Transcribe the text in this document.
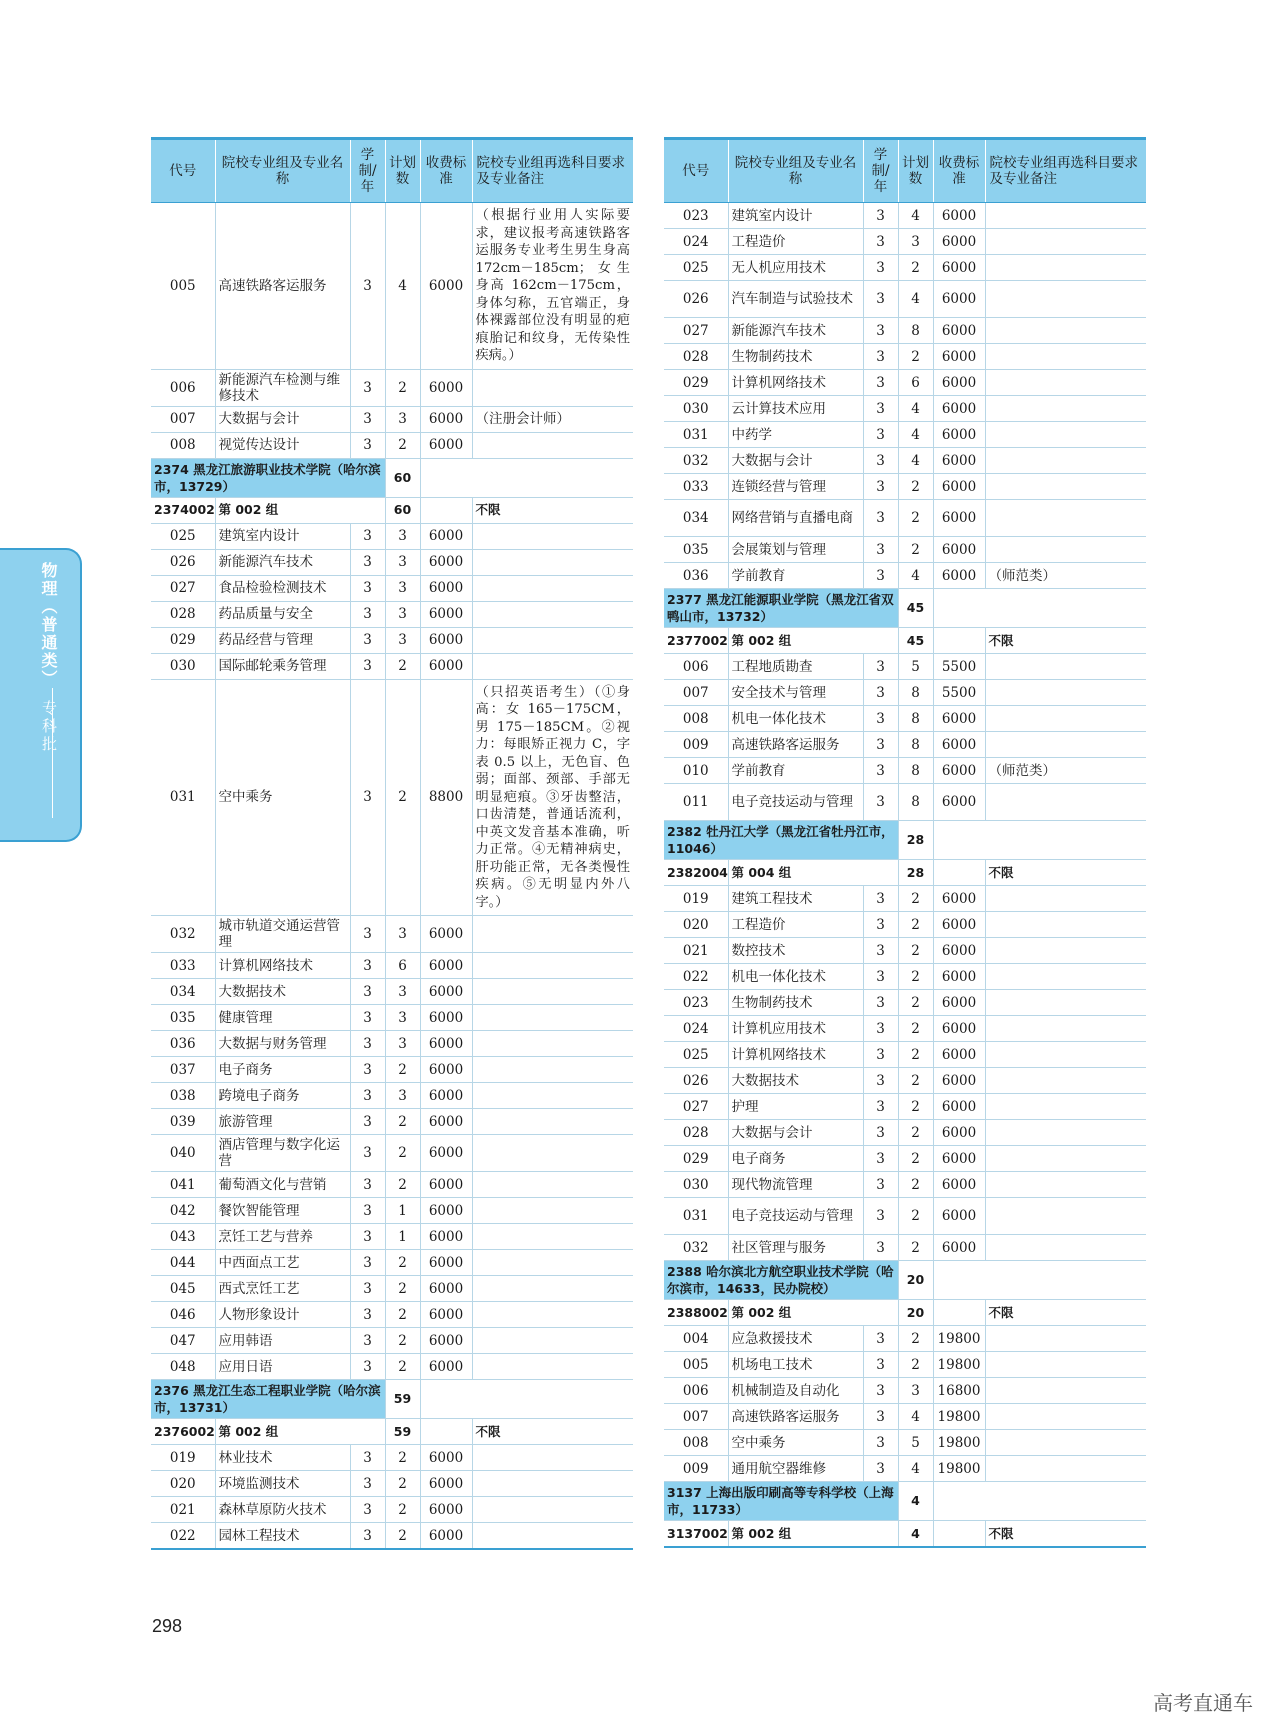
代号	院校专业组及专业名称	学制/年	计划数	收费标准	院校专业组再选科目要求及专业备注
005	高速铁路客运服务	3	4	6000	（根据行业用人实际要求，建议报考高速铁路客运服务专业考生男生身高 172cm－185cm；女生身高 162cm－175cm，身体匀称，五官端正，身体裸露部位没有明显的疤痕胎记和纹身，无传染性疾病。）
006	新能源汽车检测与维修技术	3	2	6000	
007	大数据与会计	3	3	6000	（注册会计师）
008	视觉传达设计	3	2	6000	
2374 黑龙江旅游职业技术学院（哈尔滨市，13729）			60		
2374002	第 002 组		60		不限
025	建筑室内设计	3	3	6000	
026	新能源汽车技术	3	3	6000	
027	食品检验检测技术	3	3	6000	
028	药品质量与安全	3	3	6000	
029	药品经营与管理	3	3	6000	
030	国际邮轮乘务管理	3	2	6000	
031	空中乘务	3	2	8800	（只招英语考生）（①身高：女 165－175CM，男 175－185CM。②视力：每眼矫正视力 C，字表 0.5 以上，无色盲、色弱；面部、颈部、手部无明显疤痕。③牙齿整洁，口齿清楚，普通话流利，中英文发音基本准确，听力正常。④无精神病史，肝功能正常，无各类慢性疾病。⑤无明显内外八字。）
032	城市轨道交通运营管理	3	3	6000	
033	计算机网络技术	3	6	6000	
034	大数据技术	3	3	6000	
035	健康管理	3	3	6000	
036	大数据与财务管理	3	3	6000	
037	电子商务	3	2	6000	
038	跨境电子商务	3	3	6000	
039	旅游管理	3	2	6000	
040	酒店管理与数字化运营	3	2	6000	
041	葡萄酒文化与营销	3	2	6000	
042	餐饮智能管理	3	1	6000	
043	烹饪工艺与营养	3	1	6000	
044	中西面点工艺	3	2	6000	
045	西式烹饪工艺	3	2	6000	
046	人物形象设计	3	2	6000	
047	应用韩语	3	2	6000	
048	应用日语	3	2	6000	
2376 黑龙江生态工程职业学院（哈尔滨市，13731）			59		
2376002	第 002 组		59		不限
019	林业技术	3	2	6000	
020	环境监测技术	3	2	6000	
021	森林草原防火技术	3	2	6000	
022	园林工程技术	3	2	6000	
代号	院校专业组及专业名称	学制/年	计划数	收费标准	院校专业组再选科目要求及专业备注
023	建筑室内设计	3	4	6000	
024	工程造价	3	3	6000	
025	无人机应用技术	3	2	6000	
026	汽车制造与试验技术	3	4	6000	
027	新能源汽车技术	3	8	6000	
028	生物制药技术	3	2	6000	
029	计算机网络技术	3	6	6000	
030	云计算技术应用	3	4	6000	
031	中药学	3	4	6000	
032	大数据与会计	3	4	6000	
033	连锁经营与管理	3	2	6000	
034	网络营销与直播电商	3	2	6000	
035	会展策划与管理	3	2	6000	
036	学前教育	3	4	6000	（师范类）
2377 黑龙江能源职业学院（黑龙江省双鸭山市，13732）			45		
2377002	第 002 组		45		不限
006	工程地质勘查	3	5	5500	
007	安全技术与管理	3	8	5500	
008	机电一体化技术	3	8	6000	
009	高速铁路客运服务	3	8	6000	
010	学前教育	3	8	6000	（师范类）
011	电子竞技运动与管理	3	8	6000	
2382 牡丹江大学（黑龙江省牡丹江市，11046）			28		
2382004	第 004 组		28		不限
019	建筑工程技术	3	2	6000	
020	工程造价	3	2	6000	
021	数控技术	3	2	6000	
022	机电一体化技术	3	2	6000	
023	生物制药技术	3	2	6000	
024	计算机应用技术	3	2	6000	
025	计算机网络技术	3	2	6000	
026	大数据技术	3	2	6000	
027	护理	3	2	6000	
028	大数据与会计	3	2	6000	
029	电子商务	3	2	6000	
030	现代物流管理	3	2	6000	
031	电子竞技运动与管理	3	2	6000	
032	社区管理与服务	3	2	6000	
2388 哈尔滨北方航空职业技术学院（哈尔滨市，14633，民办院校）			20		
2388002	第 002 组		20		不限
004	应急救援技术	3	2	19800	
005	机场电工技术	3	2	19800	
006	机械制造及自动化	3	3	16800	
007	高速铁路客运服务	3	4	19800	
008	空中乘务	3	5	19800	
009	通用航空器维修	3	4	19800	
3137 上海出版印刷高等专科学校（上海市，11733）			4		
3137002	第 002 组		4		不限
物理（普通类）
专科批
298
高考直通车
